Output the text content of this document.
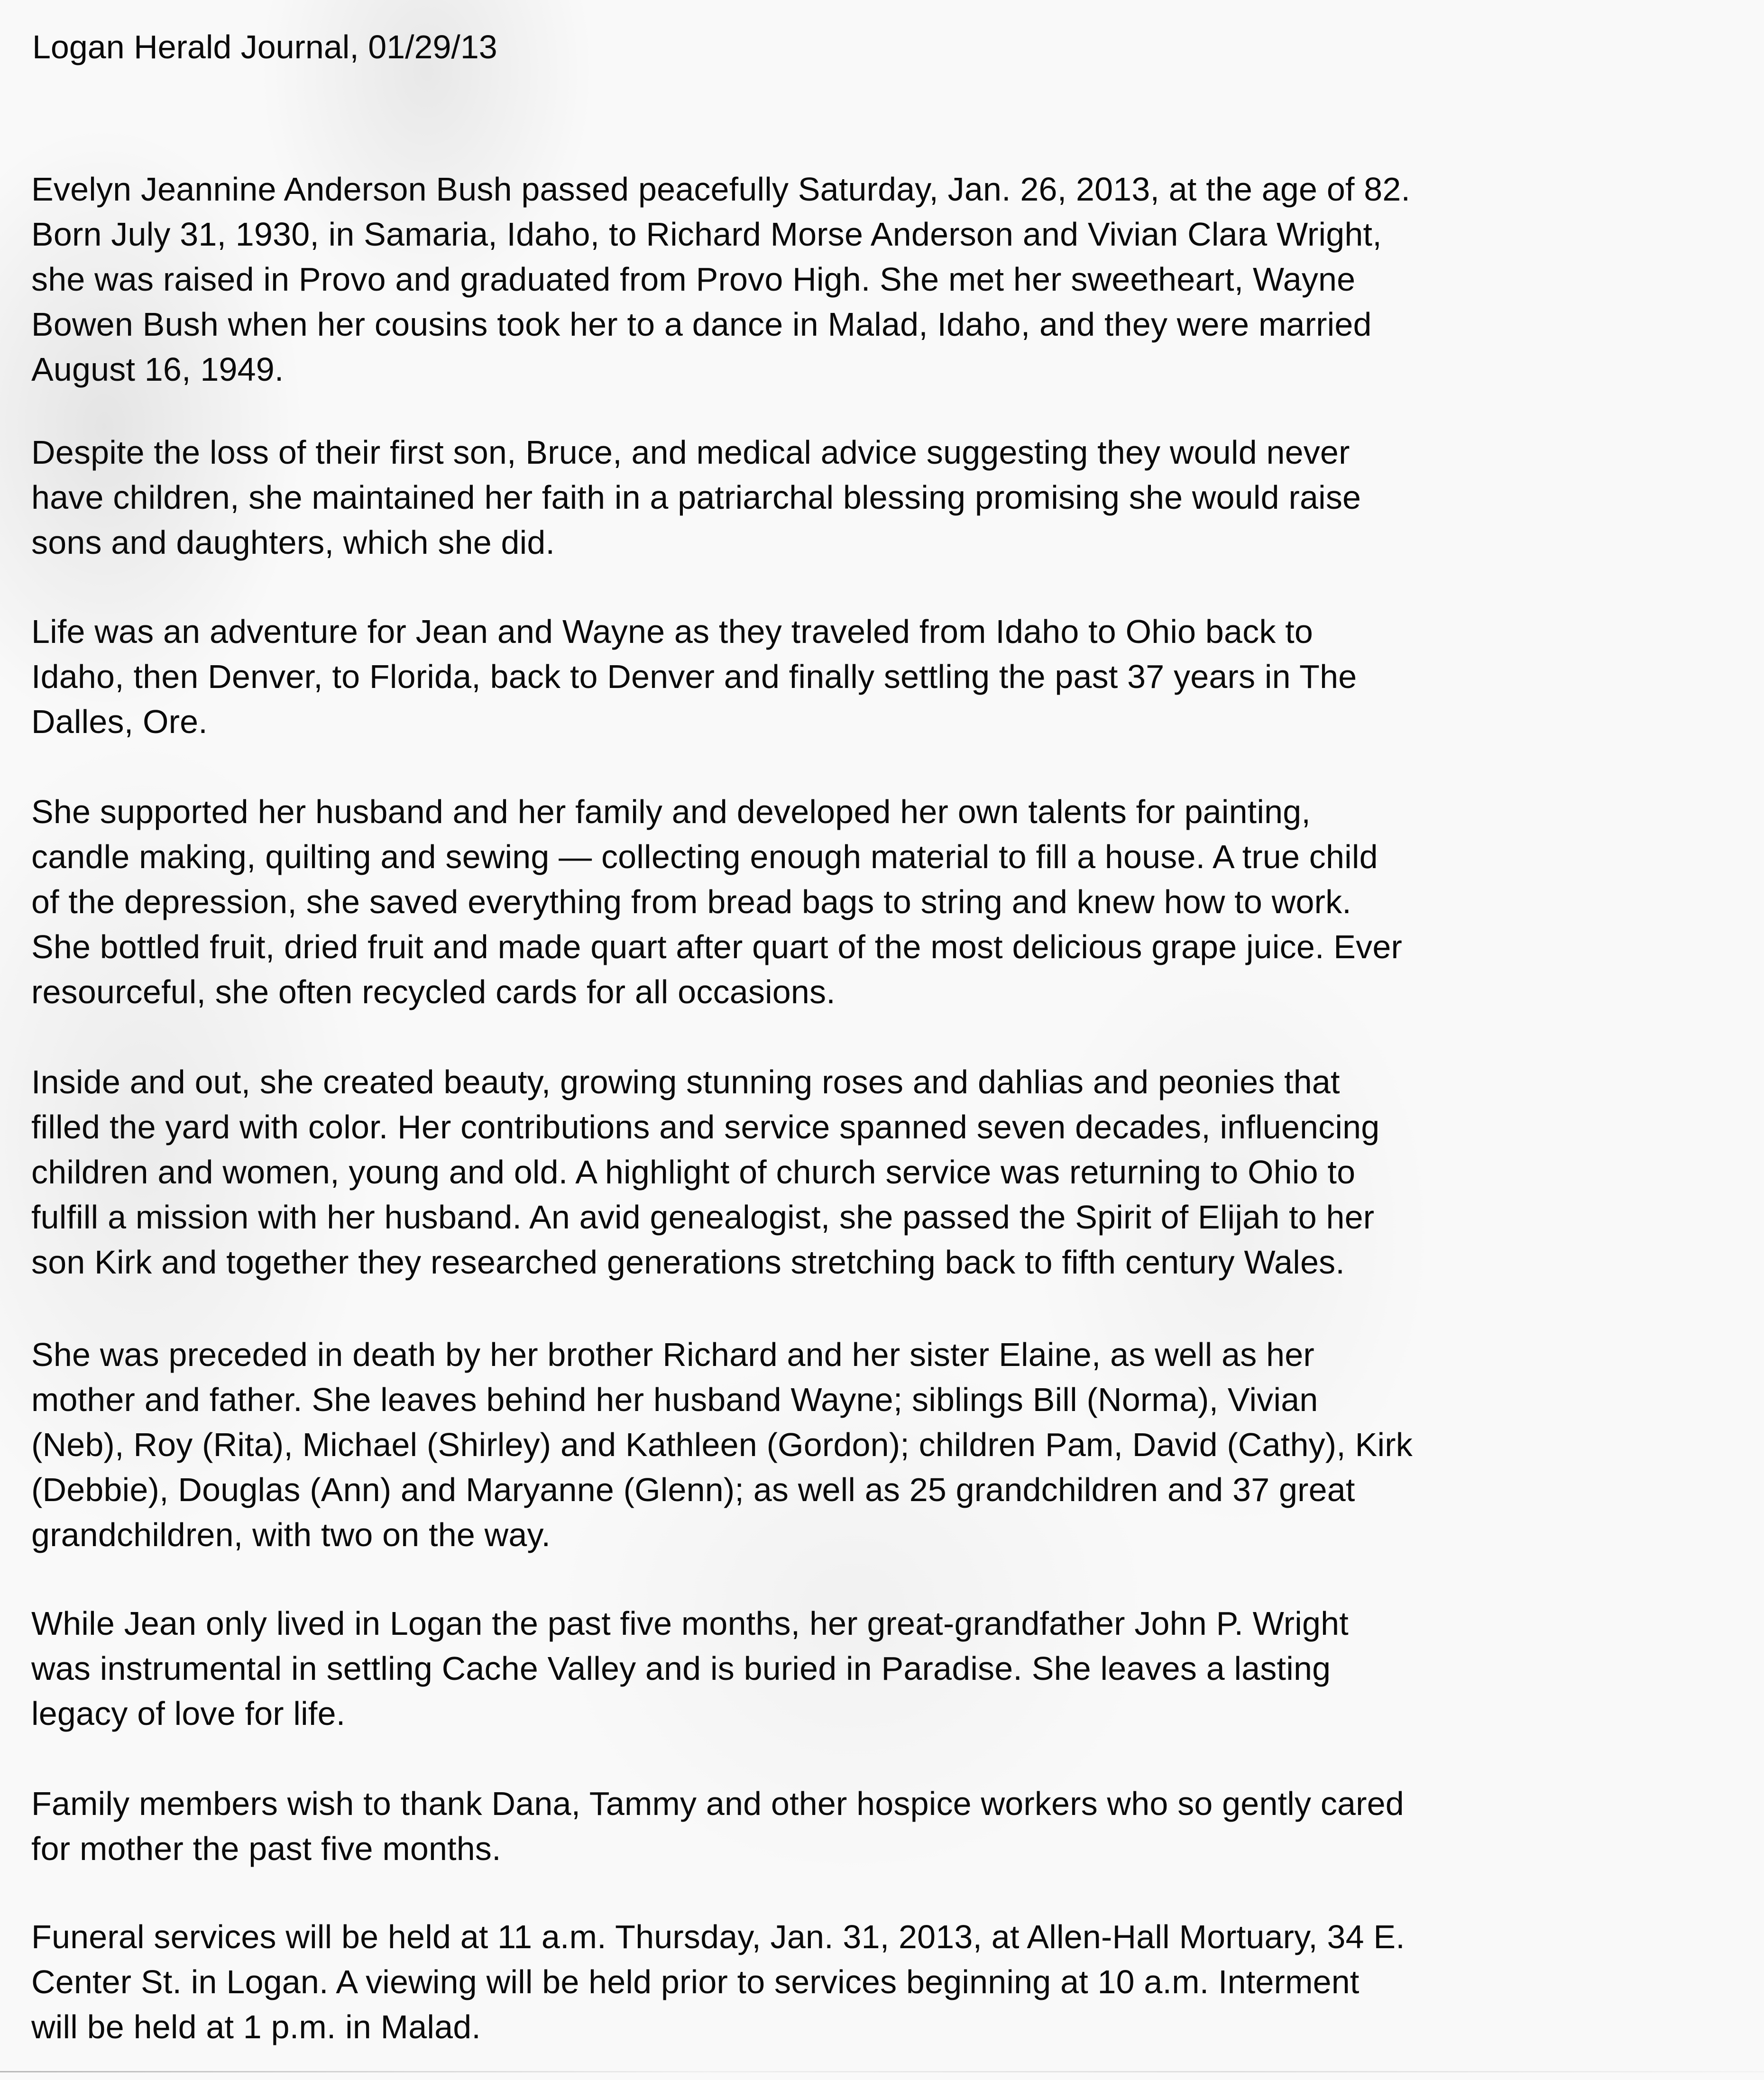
Logan Herald Journal, 01/29/13
Evelyn Jeannine Anderson Bush passed peacefully Saturday, Jan. 26, 2013, at the age of 82.
Born July 31, 1930, in Samaria, Idaho, to Richard Morse Anderson and Vivian Clara Wright,
she was raised in Provo and graduated from Provo High. She met her sweetheart, Wayne
Bowen Bush when her cousins took her to a dance in Malad, Idaho, and they were married
August 16, 1949.
Despite the loss of their first son, Bruce, and medical advice suggesting they would never
have children, she maintained her faith in a patriarchal blessing promising she would raise
sons and daughters, which she did.
Life was an adventure for Jean and Wayne as they traveled from Idaho to Ohio back to
Idaho, then Denver, to Florida, back to Denver and finally settling the past 37 years in The
Dalles, Ore.
She supported her husband and her family and developed her own talents for painting,
candle making, quilting and sewing — collecting enough material to fill a house. A true child
of the depression, she saved everything from bread bags to string and knew how to work.
She bottled fruit, dried fruit and made quart after quart of the most delicious grape juice. Ever
resourceful, she often recycled cards for all occasions.
Inside and out, she created beauty, growing stunning roses and dahlias and peonies that
filled the yard with color. Her contributions and service spanned seven decades, influencing
children and women, young and old. A highlight of church service was returning to Ohio to
fulfill a mission with her husband. An avid genealogist, she passed the Spirit of Elijah to her
son Kirk and together they researched generations stretching back to fifth century Wales.
She was preceded in death by her brother Richard and her sister Elaine, as well as her
mother and father. She leaves behind her husband Wayne; siblings Bill (Norma), Vivian
(Neb), Roy (Rita), Michael (Shirley) and Kathleen (Gordon); children Pam, David (Cathy), Kirk
(Debbie), Douglas (Ann) and Maryanne (Glenn); as well as 25 grandchildren and 37 great
grandchildren, with two on the way.
While Jean only lived in Logan the past five months, her great-grandfather John P. Wright
was instrumental in settling Cache Valley and is buried in Paradise. She leaves a lasting
legacy of love for life.
Family members wish to thank Dana, Tammy and other hospice workers who so gently cared
for mother the past five months.
Funeral services will be held at 11 a.m. Thursday, Jan. 31, 2013, at Allen-Hall Mortuary, 34 E.
Center St. in Logan. A viewing will be held prior to services beginning at 10 a.m. Interment
will be held at 1 p.m. in Malad.
